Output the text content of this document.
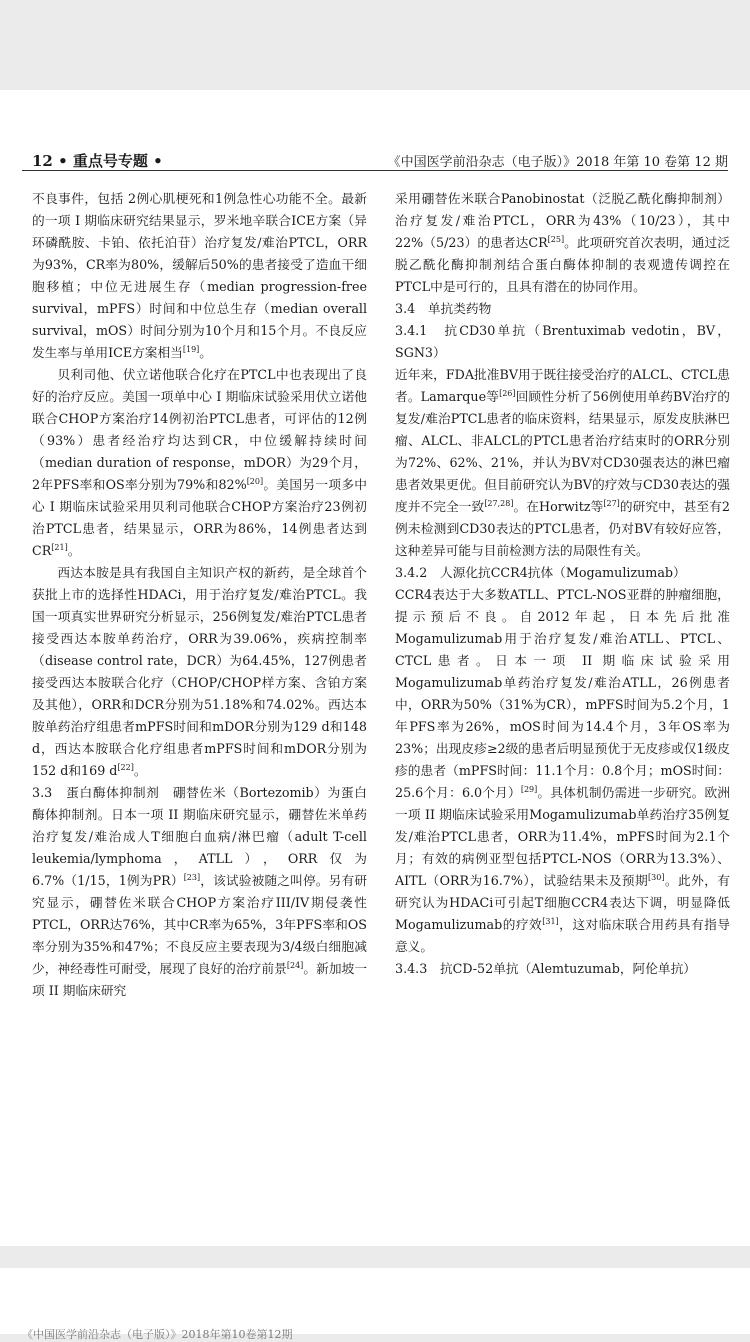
12 • 重点号专题 •	《中国医学前沿杂志（电子版）》2018 年第 10 卷第 12 期

不良事件，包括 2例心肌梗死和1例急性心功能不全。最新的一项 I 期临床研究结果显示，罗米地辛联合ICE方案（异环磷酰胺、卡铂、依托泊苷）治疗复发/难治PTCL，ORR为93%，CR率为80%，缓解后50%的患者接受了造血干细胞移植；中位无进展生存（median progression-free survival，mPFS）时间和中位总生存（median overall survival，mOS）时间分别为10个月和15个月。不良反应发生率与单用ICE方案相当[19]。

贝利司他、伏立诺他联合化疗在PTCL中也表现出了良好的治疗反应。美国一项单中心 I 期临床试验采用伏立诺他联合CHOP方案治疗14例初治PTCL患者，可评估的12例（93%）患者经治疗均达到CR，中位缓解持续时间（median duration of response，mDOR）为29个月，2年PFS率和OS率分别为79%和82%[20]。美国另一项多中心 I 期临床试验采用贝利司他联合CHOP方案治疗23例初治PTCL患者，结果显示，ORR为86%，14例患者达到CR[21]。

西达本胺是具有我国自主知识产权的新药，是全球首个获批上市的选择性HDACi，用于治疗复发/难治PTCL。我国一项真实世界研究分析显示，256例复发/难治PTCL患者接受西达本胺单药治疗，ORR为39.06%，疾病控制率（disease control rate，DCR）为64.45%，127例患者接受西达本胺联合化疗（CHOP/CHOP样方案、含铂方案及其他），ORR和DCR分别为51.18%和74.02%。西达本胺单药治疗组患者mPFS时间和mDOR分别为129 d和148 d，西达本胺联合化疗组患者mPFS时间和mDOR分别为152 d和169 d[22]。

3.3　蛋白酶体抑制剂　硼替佐米（Bortezomib）为蛋白酶体抑制剂。日本一项 II 期临床研究显示，硼替佐米单药治疗复发/难治成人T细胞白血病/淋巴瘤（adult T-cell leukemia/lymphoma，ATLL），ORR仅为6.7%（1/15，1例为PR）[23]，该试验被随之叫停。另有研究显示，硼替佐米联合CHOP方案治疗III/IV期侵袭性PTCL，ORR达76%，其中CR率为65%，3年PFS率和OS率分别为35%和47%；不良反应主要表现为3/4级白细胞减少，神经毒性可耐受，展现了良好的治疗前景[24]。新加坡一项 II 期临床研究

采用硼替佐米联合Panobinostat（泛脱乙酰化酶抑制剂）治疗复发/难治PTCL，ORR为43%（10/23），其中22%（5/23）的患者达CR[25]。此项研究首次表明，通过泛脱乙酰化酶抑制剂结合蛋白酶体抑制的表观遗传调控在PTCL中是可行的，且具有潜在的协同作用。

3.4　单抗类药物

3.4.1　抗CD30单抗（Brentuximab vedotin，BV，SGN3）

近年来，FDA批准BV用于既往接受治疗的ALCL、CTCL患者。Lamarque等[26]回顾性分析了56例使用单药BV治疗的复发/难治PTCL患者的临床资料，结果显示，原发皮肤淋巴瘤、ALCL、非ALCL的PTCL患者治疗结束时的ORR分别为72%、62%、21%，并认为BV对CD30强表达的淋巴瘤患者效果更优。但目前研究认为BV的疗效与CD30表达的强度并不完全一致[27,28]。在Horwitz等[27]的研究中，甚至有2例未检测到CD30表达的PTCL患者，仍对BV有较好应答，这种差异可能与目前检测方法的局限性有关。

3.4.2　人源化抗CCR4抗体（Mogamulizumab）

CCR4表达于大多数ATLL、PTCL-NOS亚群的肿瘤细胞，提示预后不良。自2012年起，日本先后批准Mogamulizumab用于治疗复发/难治ATLL、PTCL、CTCL患者。日本一项 II 期临床试验采用Mogamulizumab单药治疗复发/难治ATLL，26例患者中，ORR为50%（31%为CR），mPFS时间为5.2个月，1年PFS率为26%，mOS时间为14.4个月，3年OS率为23%；出现皮疹≥2级的患者后明显预优于无皮疹或仅1级皮疹的患者（mPFS时间：11.1个月：0.8个月；mOS时间：25.6个月：6.0个月）[29]。具体机制仍需进一步研究。欧洲一项 II 期临床试验采用Mogamulizumab单药治疗35例复发/难治PTCL患者，ORR为11.4%，mPFS时间为2.1个月；有效的病例亚型包括PTCL-NOS（ORR为13.3%）、AITL（ORR为16.7%），试验结果未及预期[30]。此外，有研究认为HDACi可引起T细胞CCR4表达下调，明显降低Mogamulizumab的疗效[31]，这对临床联合用药具有指导意义。

3.4.3　抗CD-52单抗（Alemtuzumab，阿伦单抗）

《中国医学前沿杂志（电子版）》2018年第10卷第12期
